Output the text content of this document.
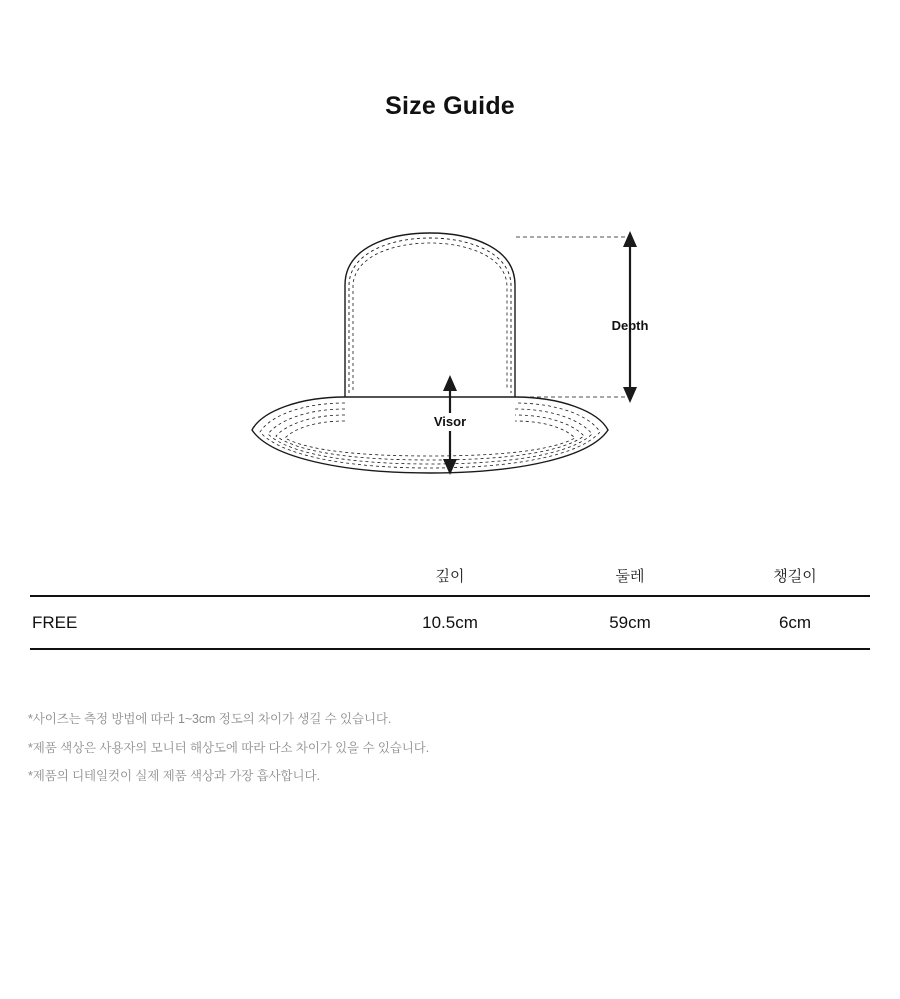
Size Guide
Depth
Visor
	깊이	둘레	챙길이
FREE	10.5cm	59cm	6cm
*사이즈는 측정 방법에 따라 1~3cm 정도의 차이가 생길 수 있습니다.
*제품 색상은 사용자의 모니터 해상도에 따라 다소 차이가 있을 수 있습니다.
*제품의 디테일컷이 실제 제품 색상과 가장 흡사합니다.
